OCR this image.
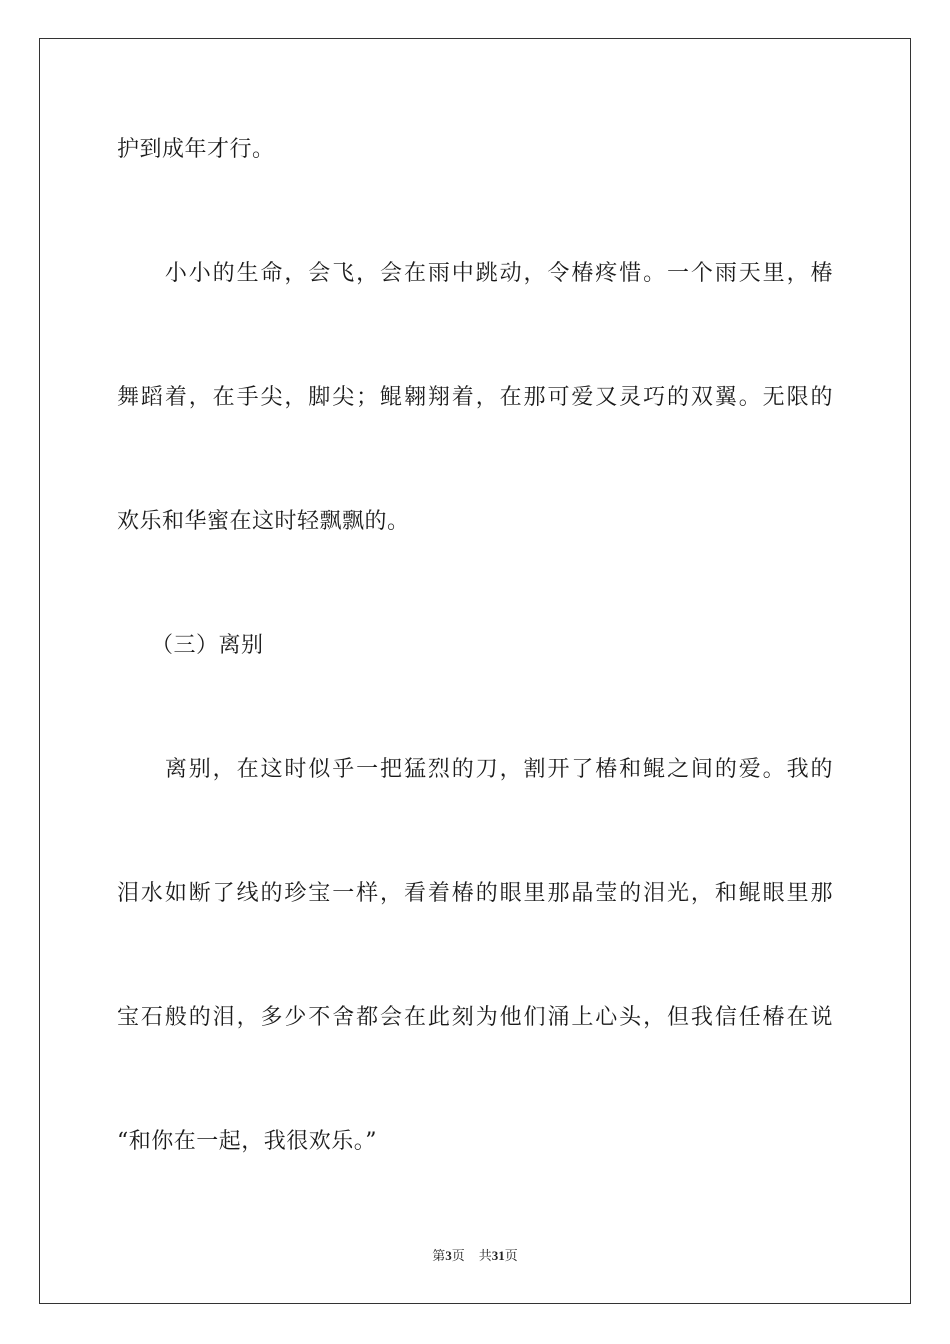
护到成年才行。
　　小小的生命，会飞，会在雨中跳动，令椿疼惜。一个雨天里，椿
舞蹈着，在手尖，脚尖；鲲翱翔着，在那可爱又灵巧的双翼。无限的
欢乐和华蜜在这时轻飘飘的。
　　（三）离别
　　离别，在这时似乎一把猛烈的刀，割开了椿和鲲之间的爱。我的
泪水如断了线的珍宝一样，看着椿的眼里那晶莹的泪光，和鲲眼里那
宝石般的泪，多少不舍都会在此刻为他们涌上心头，但我信任椿在说
“和你在一起，我很欢乐。”
第3页 共31页
